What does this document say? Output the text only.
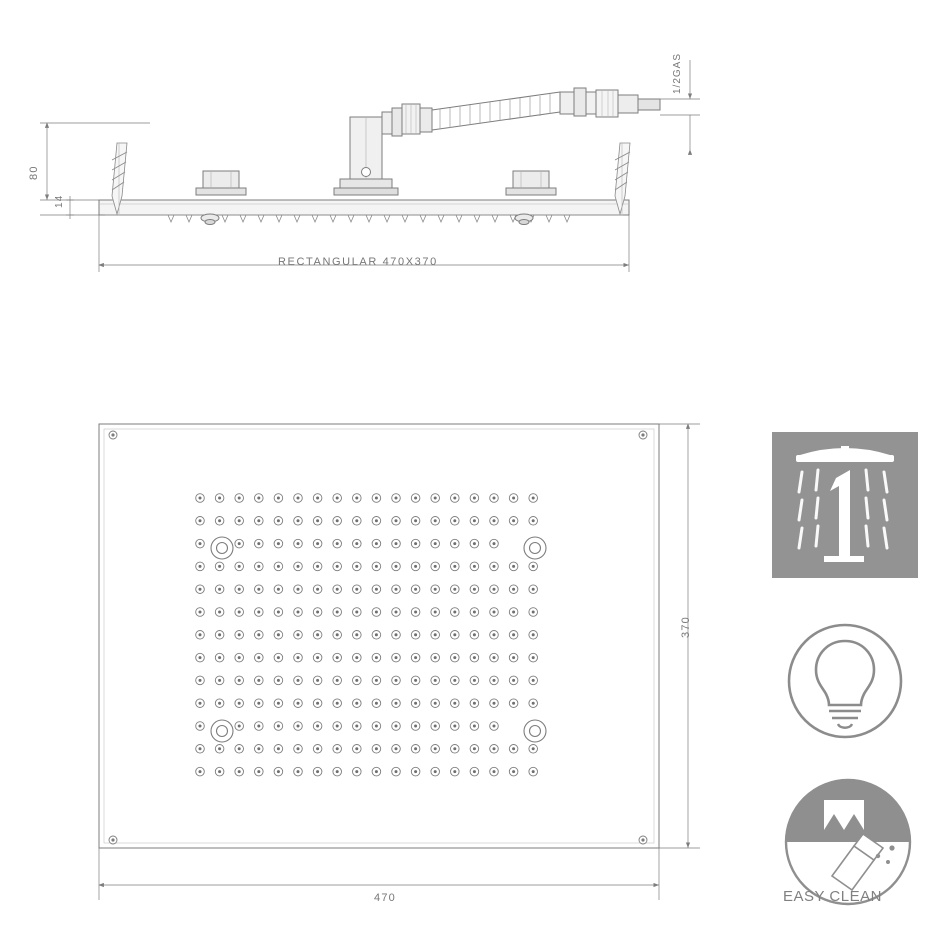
RECTANGULAR 470X370
80
14
1/2GAS
370
470	EASY CLEAN
